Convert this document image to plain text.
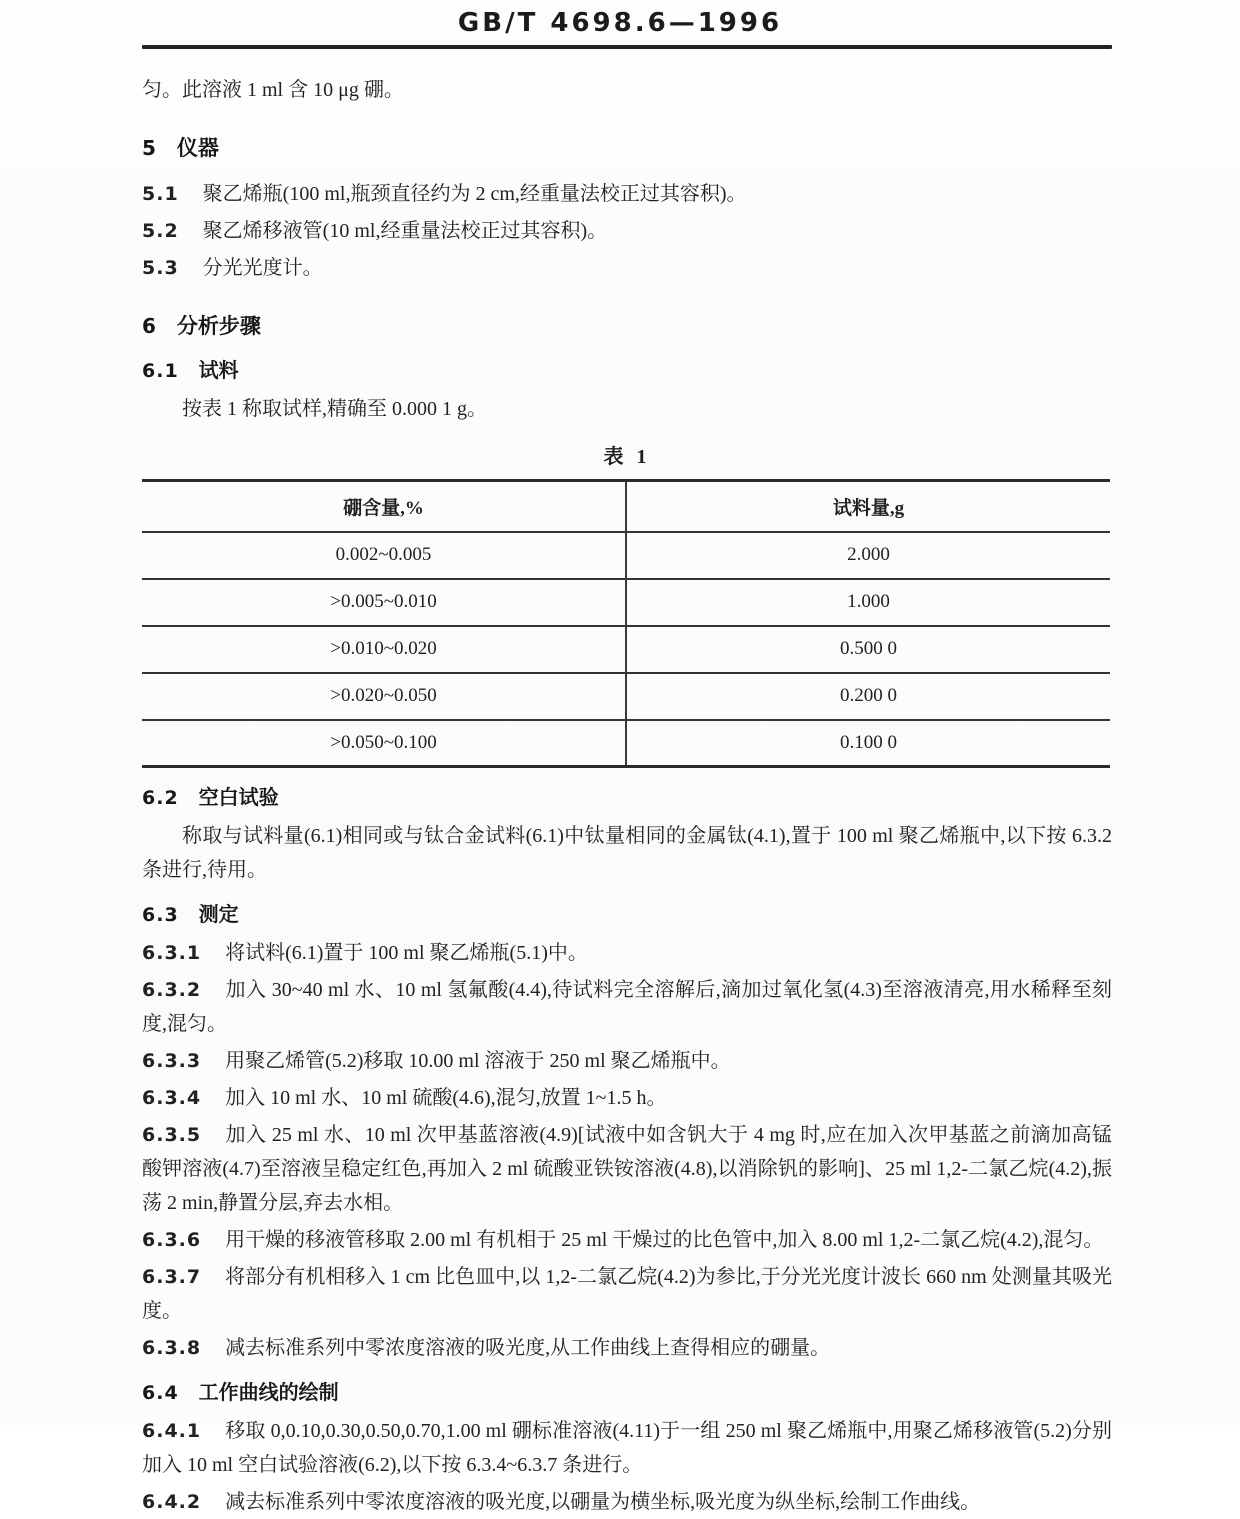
GB/T 4698.6—1996

匀。此溶液 1 ml 含 10 μg 硼。

5 仪器

5.1 聚乙烯瓶(100 ml,瓶颈直径约为 2 cm,经重量法校正过其容积)。

5.2 聚乙烯移液管(10 ml,经重量法校正过其容积)。

5.3 分光光度计。

6 分析步骤
6.1 试料

按表 1 称取试样,精确至 0.000 1 g。

表 1
硼含量,%	试料量,g
0.002~0.005	2.000
>0.005~0.010	1.000
>0.010~0.020	0.500 0
>0.020~0.050	0.200 0
>0.050~0.100	0.100 0
6.2 空白试验

称取与试料量(6.1)相同或与钛合金试料(6.1)中钛量相同的金属钛(4.1),置于 100 ml 聚乙烯瓶中,以下按 6.3.2 条进行,待用。

6.3 测定

6.3.1 将试料(6.1)置于 100 ml 聚乙烯瓶(5.1)中。

6.3.2 加入 30~40 ml 水、10 ml 氢氟酸(4.4),待试料完全溶解后,滴加过氧化氢(4.3)至溶液清亮,用水稀释至刻度,混匀。

6.3.3 用聚乙烯管(5.2)移取 10.00 ml 溶液于 250 ml 聚乙烯瓶中。

6.3.4 加入 10 ml 水、10 ml 硫酸(4.6),混匀,放置 1~1.5 h。

6.3.5 加入 25 ml 水、10 ml 次甲基蓝溶液(4.9)[试液中如含钒大于 4 mg 时,应在加入次甲基蓝之前滴加高锰酸钾溶液(4.7)至溶液呈稳定红色,再加入 2 ml 硫酸亚铁铵溶液(4.8),以消除钒的影响]、25 ml 1,2-二氯乙烷(4.2),振荡 2 min,静置分层,弃去水相。

6.3.6 用干燥的移液管移取 2.00 ml 有机相于 25 ml 干燥过的比色管中,加入 8.00 ml 1,2-二氯乙烷(4.2),混匀。

6.3.7 将部分有机相移入 1 cm 比色皿中,以 1,2-二氯乙烷(4.2)为参比,于分光光度计波长 660 nm 处测量其吸光度。

6.3.8 减去标准系列中零浓度溶液的吸光度,从工作曲线上查得相应的硼量。

6.4 工作曲线的绘制

6.4.1 移取 0,0.10,0.30,0.50,0.70,1.00 ml 硼标准溶液(4.11)于一组 250 ml 聚乙烯瓶中,用聚乙烯移液管(5.2)分别加入 10 ml 空白试验溶液(6.2),以下按 6.3.4~6.3.7 条进行。

6.4.2 减去标准系列中零浓度溶液的吸光度,以硼量为横坐标,吸光度为纵坐标,绘制工作曲线。
